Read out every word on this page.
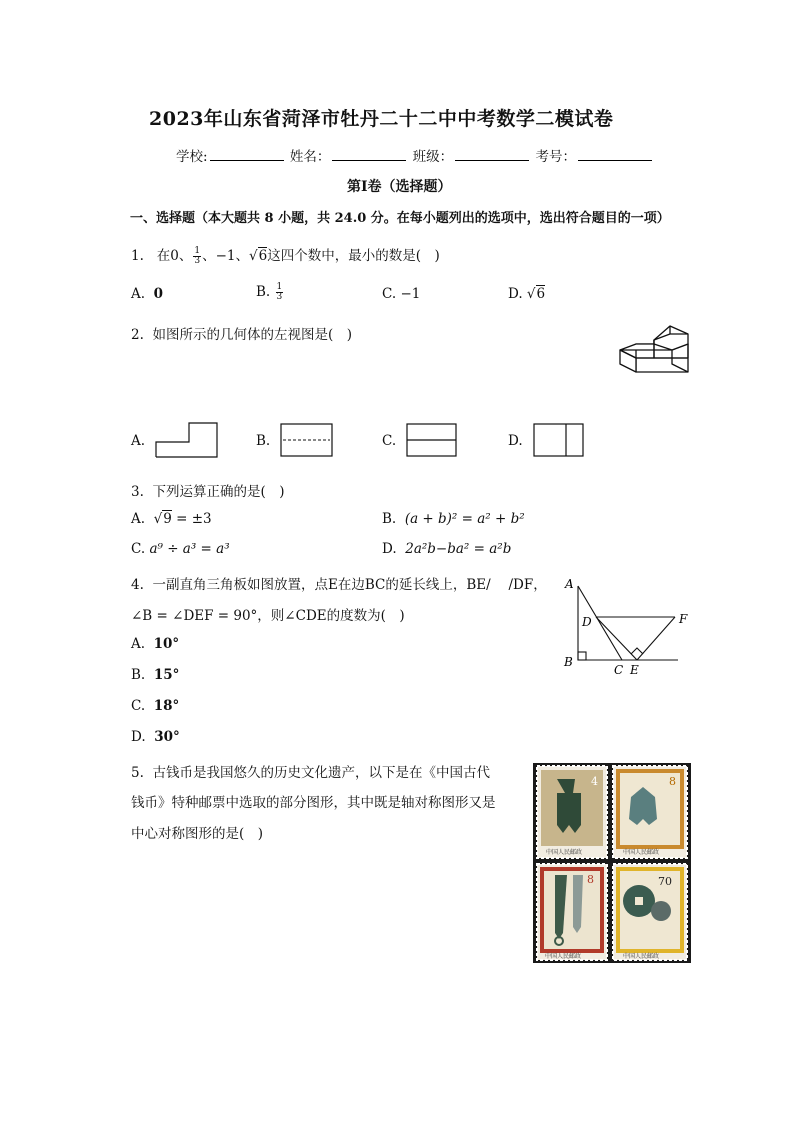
2023年山东省菏泽市牡丹二十二中中考数学二模试卷
学校:	姓名：	班级：	考号：
第I卷（选择题）
一、选择题（本大题共 8 小题，共 24.0 分。在每小题列出的选项中，选出符合题目的一项）
1. 在0、 $\frac{1}{3}$ 、−1、√6这四个数中，最小的数是(　)
A. 0	B. $\frac{1}{3}$	C. −1	D. √6
2. 如图所示的几何体的左视图是(　)
A.	B.	C.	D.
3. 下列运算正确的是(　)
A.  √9 = ±3	B. (a + b)² = a² + b²
C. a⁹ ÷ a³ = a³	D. 2a²b−ba² = a²b
4. 一副直角三角板如图放置，点E在边BC的延长线上，BE/ 　/DF，
∠B = ∠DEF = 90°，则∠CDE的度数为(　)
A. 10°
B. 15°
C. 18°
D. 30°
A
B
D	F
C E
5. 古钱币是我国悠久的历史文化遗产，以下是在《中国古代
钱币》特种邮票中选取的部分图形，其中既是轴对称图形又是
中心对称图形的是(　)
4
中国人民邮政
8
中国人民邮政
8
中国人民邮政
70
中国人民邮政
